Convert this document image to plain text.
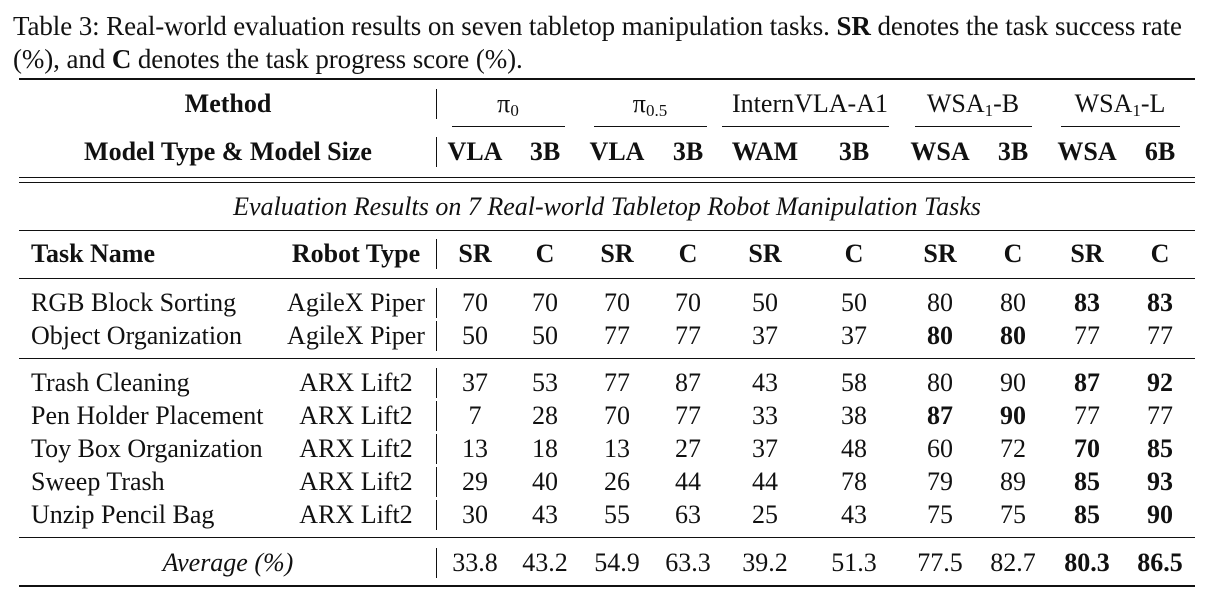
Table 3: Real-world evaluation results on seven tabletop manipulation tasks. SR denotes the task success rate (%), and C denotes the task progress score (%).
Method	$\pi_0$	$\pi_{0.5}$ InternVLA-A1 $WSA_1-B$ $WSA_1-L$
Model Type & Model Size	VLA 3B VLA 3B WAM 3B WSA 3B WSA 6B
Evaluation Results on 7 Real-world Tabletop Robot Manipulation Tasks
Task Name	Robot Type SR C SR C SR C SR C SR C
RGB Block Sorting AgileX Piper 70 70 70 70 50 50 80 80 83 83
Object Organization AgileX Piper 50 50 77 77 37 37 80 80 77 77
Trash Cleaning	ARX Lift2 37 53 77 87 43 58 80 90 87 92
Pen Holder Placement ARX Lift2 7 28 70 77 33 38 87 90 77 77
Toy Box Organization ARX Lift2 13 18 13 27 37 48 60 72 70 85
Sweep Trash	ARX Lift2 29 40 26 44 44 78 79 89 85 93
Unzip Pencil Bag	ARX Lift2 30 43 55 63 25 43 75 75 85 90
Average (%)	33.8 43.2 54.9 63.3 39.2 51.3 77.5 82.7 80.3 86.5
